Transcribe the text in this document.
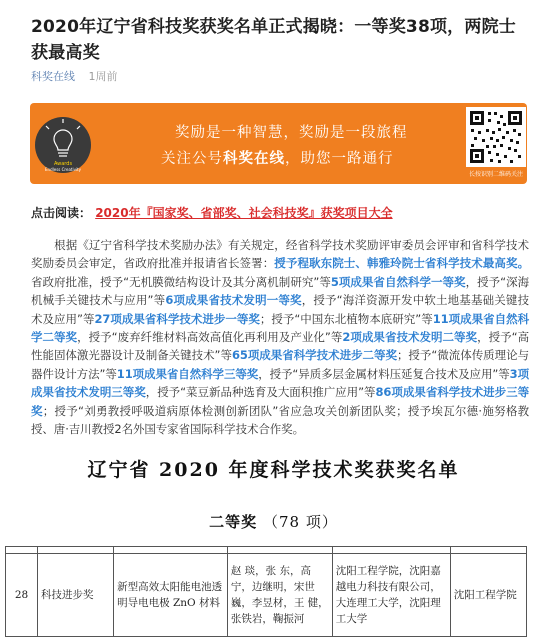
2020年辽宁省科技奖获奖名单正式揭晓：一等奖38项，两院士获最高奖
科奖在线 1周前
Awards
Endless Creativity
奖励是一种智慧，奖励是一段旅程
关注公号科奖在线，助您一路通行
长按识别二维码关注
点击阅读： 2020年『国家奖、省部奖、社会科技奖』获奖项目大全
　　根据《辽宁省科学技术奖励办法》有关规定，经省科学技术奖励评审委员会评审和省科学技术奖励委员会审定，省政府批准并报请省长签署：授予程耿东院士、韩雅玲院士省科学技术最高奖。省政府批准，授予“无机膜微结构设计及其分离机制研究”等5项成果省自然科学一等奖，授予“深海机械手关键技术与应用”等6项成果省技术发明一等奖，授予“海洋资源开发中软土地基基础关键技术及应用”等27项成果省科学技术进步一等奖；授予“中国东北植物本底研究”等11项成果省自然科学二等奖，授予“废弃纤维材料高效高值化再利用及产业化”等2项成果省技术发明二等奖，授予“高性能固体激光器设计及制备关键技术”等65项成果省科学技术进步二等奖；授予“微流体传质理论与器件设计方法”等11项成果省自然科学三等奖，授予“异质多层金属材料压延复合技术及应用”等3项成果省技术发明三等奖，授予“菜豆新品种选育及大面积推广应用”等86项成果省科学技术进步三等奖；授予“刘勇教授呼吸道病原体检测创新团队”省应急攻关创新团队奖；授予埃瓦尔德·施努格教授、唐·吉川教授2名外国专家省国际科学技术合作奖。
辽宁省 2020 年度科学技术奖获奖名单
二等奖 （78 项）

28	科技进步奖	新型高效太阳能电池透明导电电极 ZnO 材料	赵 琰，张 东，高 宁，边继明，宋世巍，李昱材，王 健，张铁岩，鞠振河	沈阳工程学院，沈阳嘉越电力科技有限公司，大连理工大学，沈阳理工大学	沈阳工程学院
